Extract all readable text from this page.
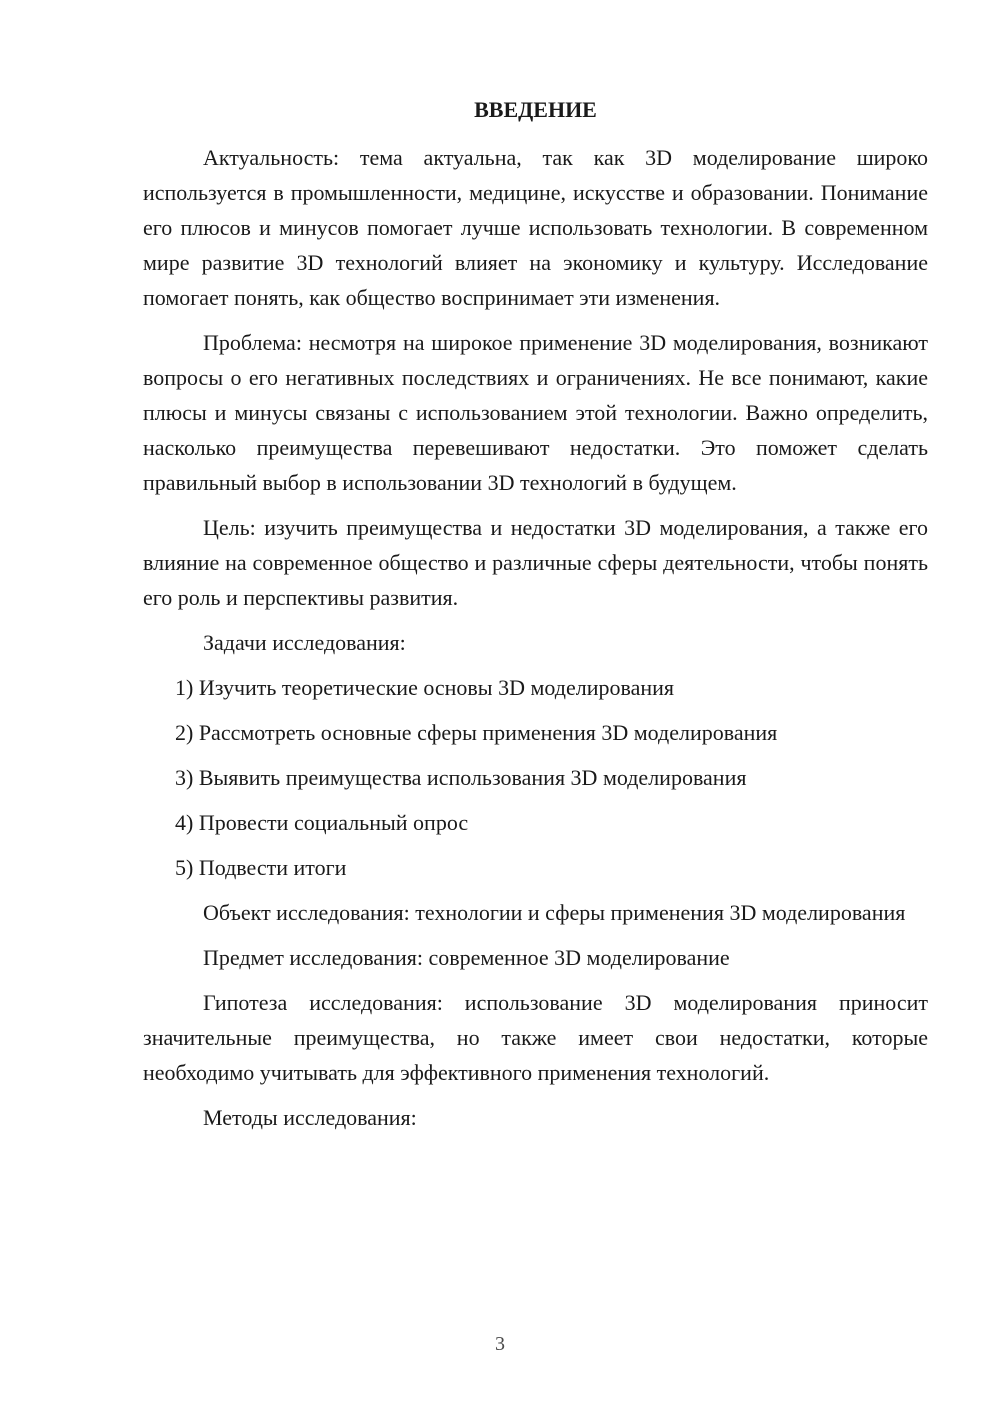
ВВЕДЕНИЕ

Актуальность: тема актуальна, так как 3D моделирование широко используется в промышленности, медицине, искусстве и образовании. Понимание его плюсов и минусов помогает лучше использовать технологии. В современном мире развитие 3D технологий влияет на экономику и культуру. Исследование помогает понять, как общество воспринимает эти изменения.

Проблема: несмотря на широкое применение 3D моделирования, возникают вопросы о его негативных последствиях и ограничениях. Не все понимают, какие плюсы и минусы связаны с использованием этой технологии. Важно определить, насколько преимущества перевешивают недостатки. Это поможет сделать правильный выбор в использовании 3D технологий в будущем.

Цель: изучить преимущества и недостатки 3D моделирования, а также его влияние на современное общество и различные сферы деятельности, чтобы понять его роль и перспективы развития.

Задачи исследования:

1) Изучить теоретические основы 3D моделирования
2) Рассмотреть основные сферы применения 3D моделирования
3) Выявить преимущества использования 3D моделирования
4) Провести социальный опрос
5) Подвести итоги

Объект исследования: технологии и сферы применения 3D моделирования

Предмет исследования: современное 3D моделирование

Гипотеза исследования: использование 3D моделирования приносит значительные преимущества, но также имеет свои недостатки, которые необходимо учитывать для эффективного применения технологий.

Методы исследования:

3
